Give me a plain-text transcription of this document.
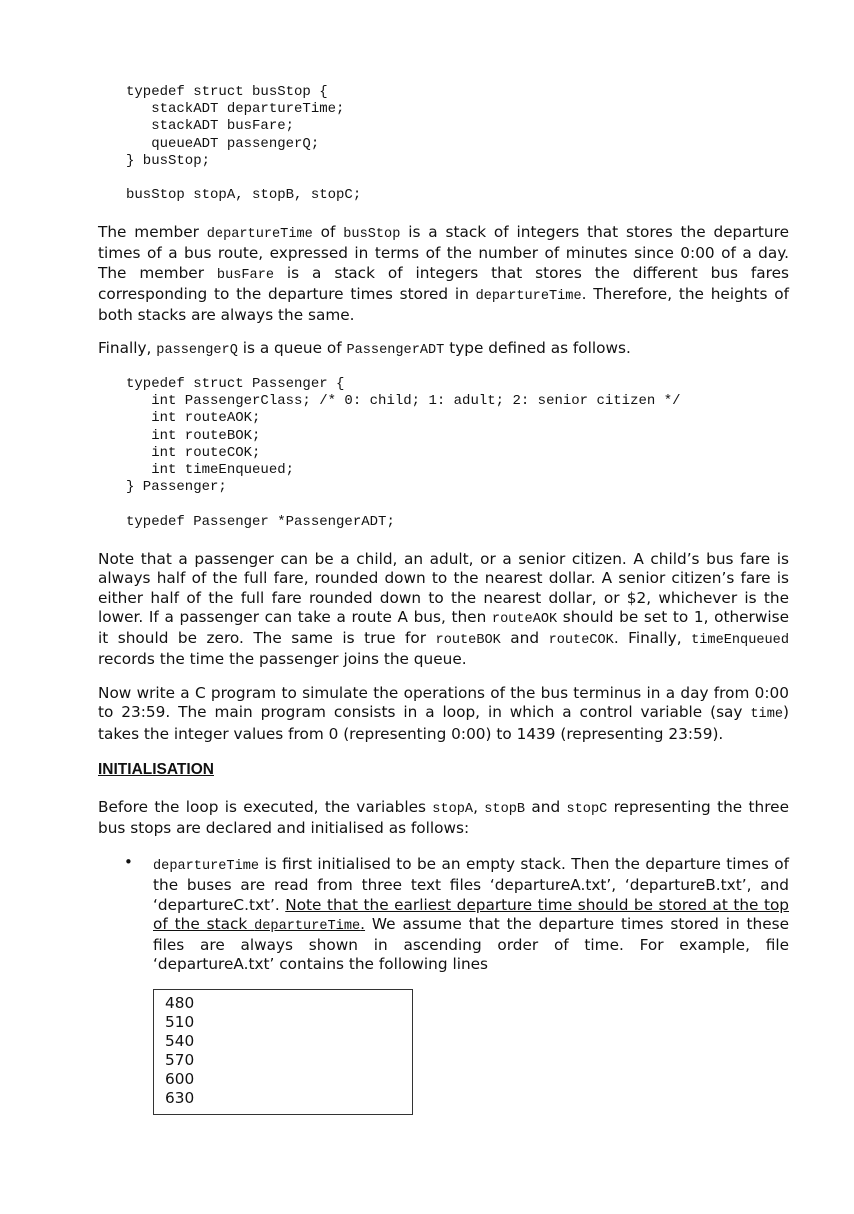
typedef struct busStop {
stackADT departureTime;
stackADT busFare;
queueADT passengerQ;
} busStop;

busStop stopA, stopB, stopC;

The member departureTime of busStop is a stack of integers that stores the departure times of a bus route, expressed in terms of the number of minutes since 0:00 of a day. The member busFare is a stack of integers that stores the different bus fares corresponding to the departure times stored in departureTime. Therefore, the heights of both stacks are always the same.

Finally, passengerQ is a queue of PassengerADT type defined as follows.

typedef struct Passenger {
int PassengerClass; /* 0: child; 1: adult; 2: senior citizen */
int routeAOK;
int routeBOK;
int routeCOK;
int timeEnqueued;
} Passenger;

typedef Passenger *PassengerADT;

Note that a passenger can be a child, an adult, or a senior citizen. A child’s bus fare is always half of the full fare, rounded down to the nearest dollar. A senior citizen’s fare is either half of the full fare rounded down to the nearest dollar, or $2, whichever is the lower. If a passenger can take a route A bus, then routeAOK should be set to 1, otherwise it should be zero. The same is true for routeBOK and routeCOK. Finally, timeEnqueued records the time the passenger joins the queue.

Now write a C program to simulate the operations of the bus terminus in a day from 0:00 to 23:59. The main program consists in a loop, in which a control variable (say time) takes the integer values from 0 (representing 0:00) to 1439 (representing 23:59).

INITIALISATION

Before the loop is executed, the variables stopA, stopB and stopC representing the three bus stops are declared and initialised as follows:

• departureTime is first initialised to be an empty stack. Then the departure times of the buses are read from three text files ‘departureA.txt’, ‘departureB.txt’, and ‘departureC.txt’. Note that the earliest departure time should be stored at the top of the stack departureTime. We assume that the departure times stored in these files are always shown in ascending order of time. For example, file ‘departureA.txt’ contains the following lines

480
510
540
570
600
630
